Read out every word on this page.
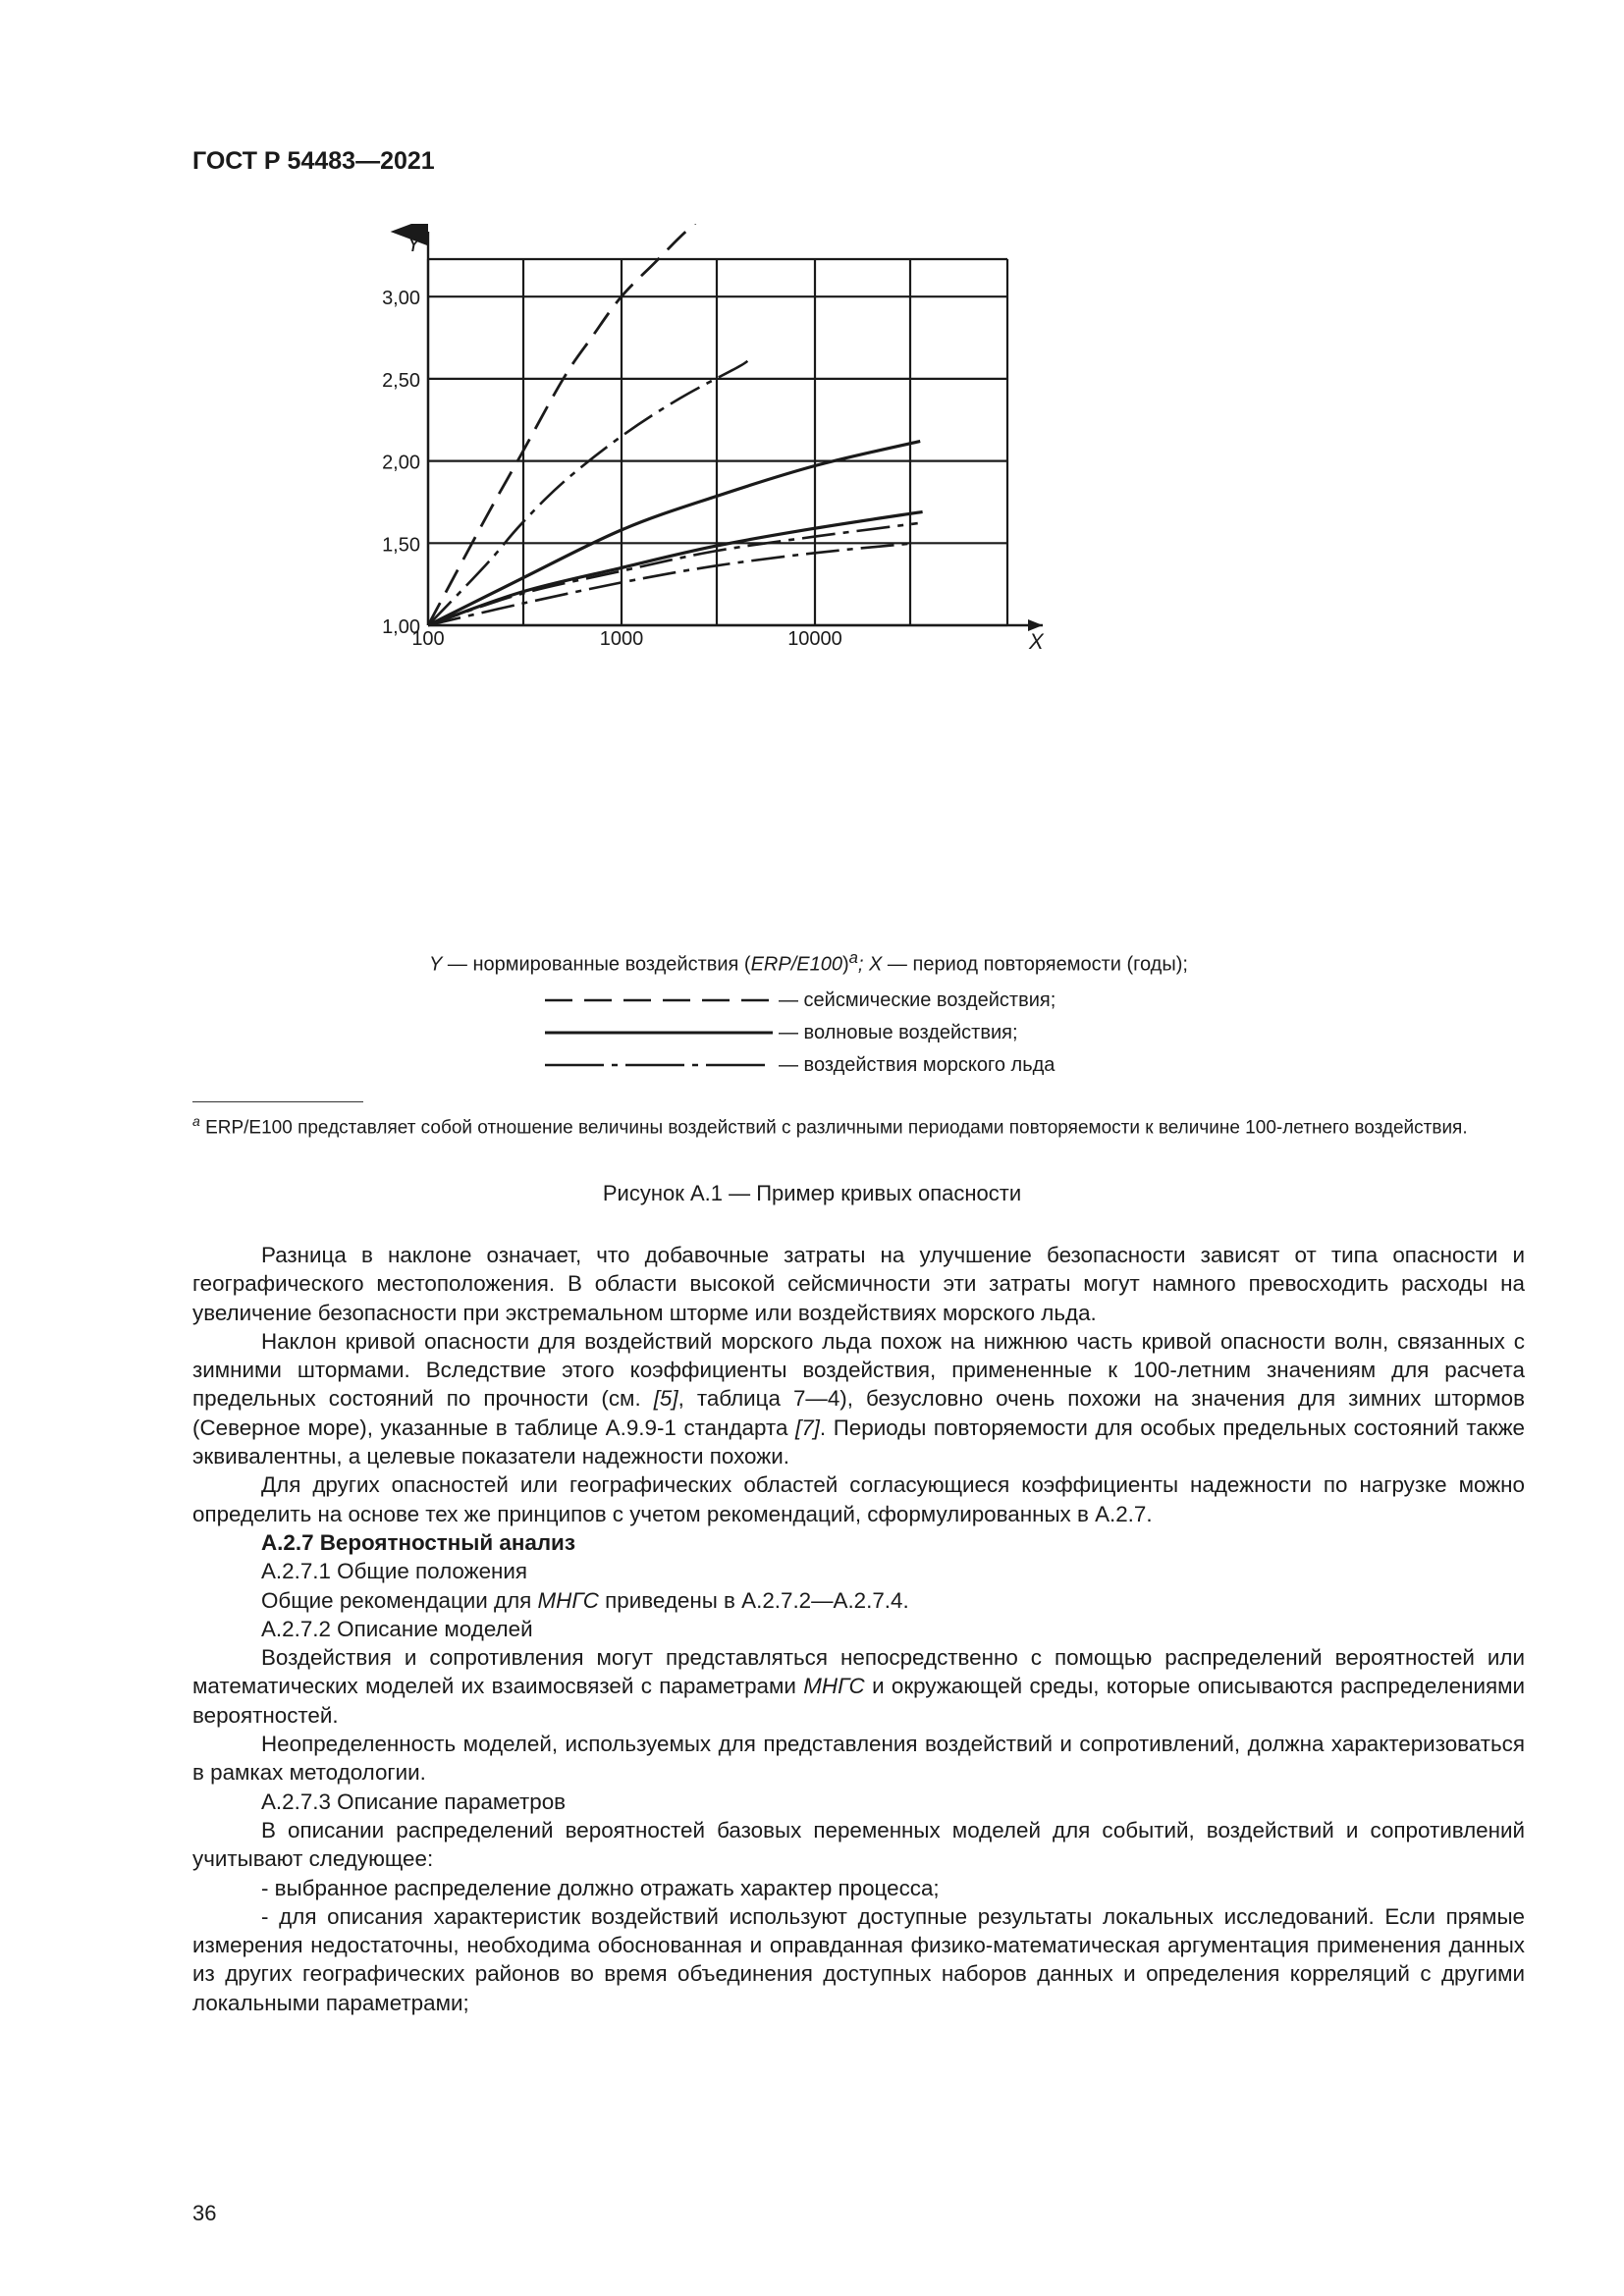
ГОСТ Р 54483—2021
Y
X
1,00
1,50
2,00
2,50
3,00
100	1000	10000
Y — нормированные воздействия $(ERP/E100)^a$; X — период повторяемости (годы);
— сейсмические воздействия;
— волновые воздействия;
— воздействия морского льда
$^a$ ERP/E100 представляет собой отношение величины воздействий с различными периодами повторяемости к величине 100-летнего воздействия.
Рисунок А.1 — Пример кривых опасности

Разница в наклоне означает, что добавочные затраты на улучшение безопасности зависят от типа опасности и географического местоположения. В области высокой сейсмичности эти затраты могут намного превосходить расходы на увеличение безопасности при экстремальном шторме или воздействиях морского льда.

Наклон кривой опасности для воздействий морского льда похож на нижнюю часть кривой опасности волн, связанных с зимними штормами. Вследствие этого коэффициенты воздействия, примененные к 100-летним значениям для расчета предельных состояний по прочности (см. [5], таблица 7—4), безусловно очень похожи на значения для зимних штормов (Северное море), указанные в таблице А.9.9-1 стандарта [7]. Периоды повторяемости для особых предельных состояний также эквивалентны, а целевые показатели надежности похожи.

Для других опасностей или географических областей согласующиеся коэффициенты надежности по нагрузке можно определить на основе тех же принципов с учетом рекомендаций, сформулированных в А.2.7.

А.2.7 Вероятностный анализ

А.2.7.1 Общие положения

Общие рекомендации для МНГС приведены в А.2.7.2—А.2.7.4.

А.2.7.2 Описание моделей

Воздействия и сопротивления могут представляться непосредственно с помощью распределений вероятностей или математических моделей их взаимосвязей с параметрами МНГС и окружающей среды, которые описываются распределениями вероятностей.

Неопределенность моделей, используемых для представления воздействий и сопротивлений, должна характеризоваться в рамках методологии.

А.2.7.3 Описание параметров

В описании распределений вероятностей базовых переменных моделей для событий, воздействий и сопротивлений учитывают следующее:

- выбранное распределение должно отражать характер процесса;

- для описания характеристик воздействий используют доступные результаты локальных исследований. Если прямые измерения недостаточны, необходима обоснованная и оправданная физико-математическая аргументация применения данных из других географических районов во время объединения доступных наборов данных и определения корреляций с другими локальными параметрами;

36
